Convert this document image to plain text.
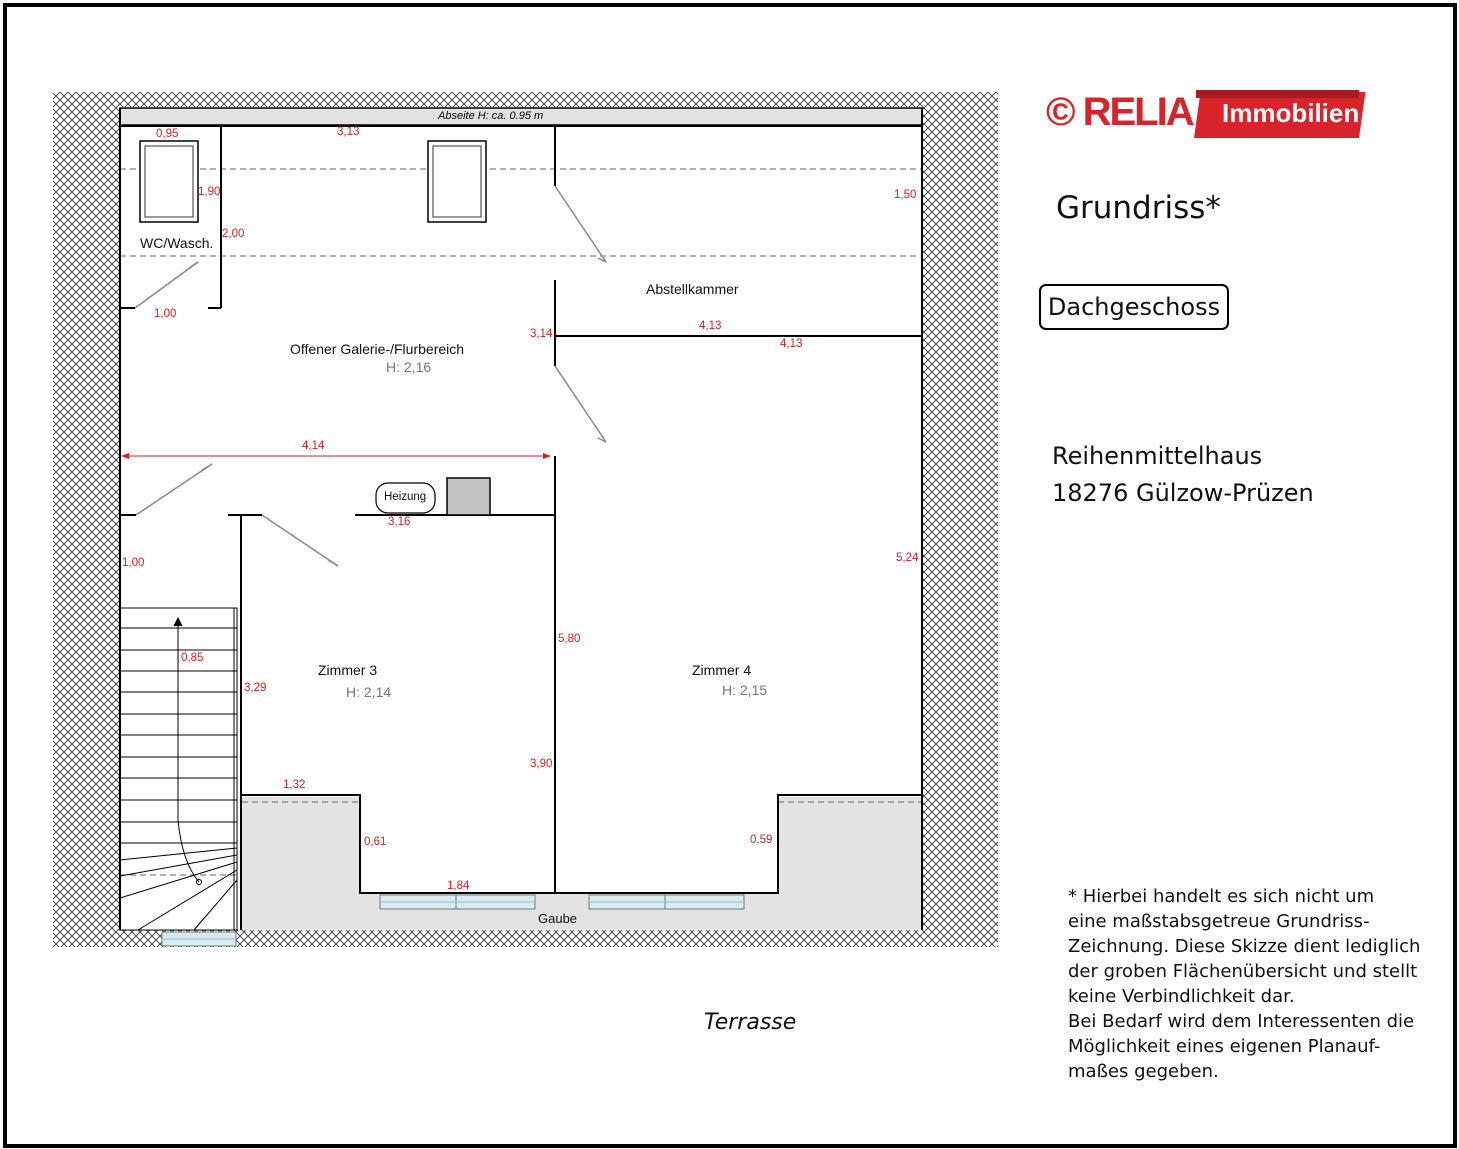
Abseite H: ca. 0.95 m
WC/Wasch.
Abstellkammer
Offener Galerie-/Flurbereich
H: 2,16
Heizung
Zimmer 3
H: 2,14
Zimmer 4
H: 2,15
Gaube
0,95	3,13
1,90
2,00
1,50
1,00
3,14
4,13
4,13
4,14
3,16
1,00	5,24
5,80
0,85
3,29
3,90
1,32
0,61	0,59
1,84
© RELIA Immobilien
Grundriss*
Dachgeschoss
Reihenmittelhaus
18276 Gülzow-Prüzen
* Hierbei handelt es sich nicht um
eine maßstabsgetreue Grundriss-
Zeichnung. Diese Skizze dient lediglich
der groben Flächenübersicht und stellt
keine Verbindlichkeit dar.
Bei Bedarf wird dem Interessenten die
Möglichkeit eines eigenen Planauf-
maßes gegeben.
Terrasse
